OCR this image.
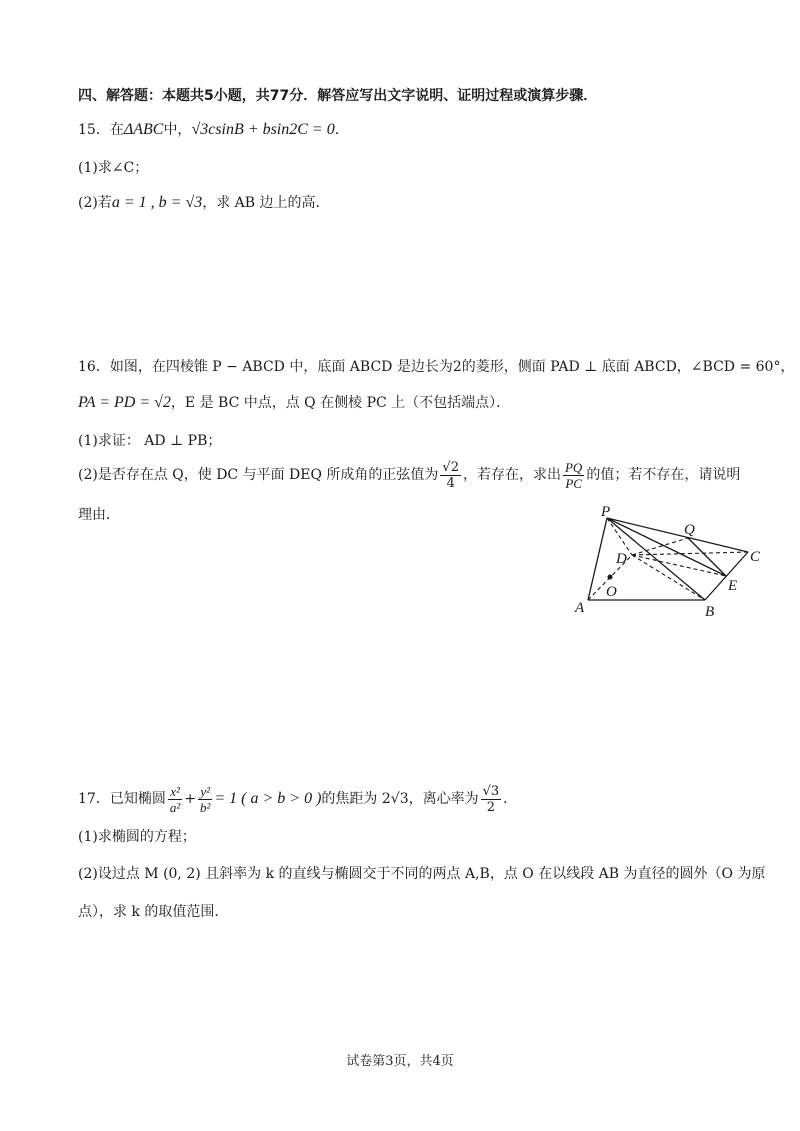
四、解答题：本题共5小题，共77分．解答应写出文字说明、证明过程或演算步骤．
15．在ΔABC中，√3csinB + bsin2C = 0．
(1)求∠C；
(2)若a = 1 , b = √3，求 AB 边上的高．
16．如图，在四棱锥 P − ABCD 中，底面 ABCD 是边长为2的菱形，侧面 PAD ⊥ 底面 ABCD，∠BCD = 60°，
PA = PD = √2，E 是 BC 中点，点 Q 在侧棱 PC 上（不包括端点）．
(1)求证： AD ⊥ PB；
(2)是否存在点 Q，使 DC 与平面 DEQ 所成角的正弦值为 $\frac{√2}{4}$ ，若存在，求出 $\frac{PQ}{PC}$ 的值；若不存在，请说明
理由．	P
Q
C
D
E
O
A	B
17．已知椭圆 $\frac{\text{x²}}{\text{a²}} + \frac{\text{y²}}{\text{b²}} = 1$ ( a > b > 0 )的焦距为 2√3，离心率为 $\frac{√3}{2}$ ．
(1)求椭圆的方程；
(2)设过点 M (0, 2) 且斜率为 k 的直线与椭圆交于不同的两点 A,B，点 O 在以线段 AB 为直径的圆外（O 为原
点），求 k 的取值范围．
试卷第3页，共4页
